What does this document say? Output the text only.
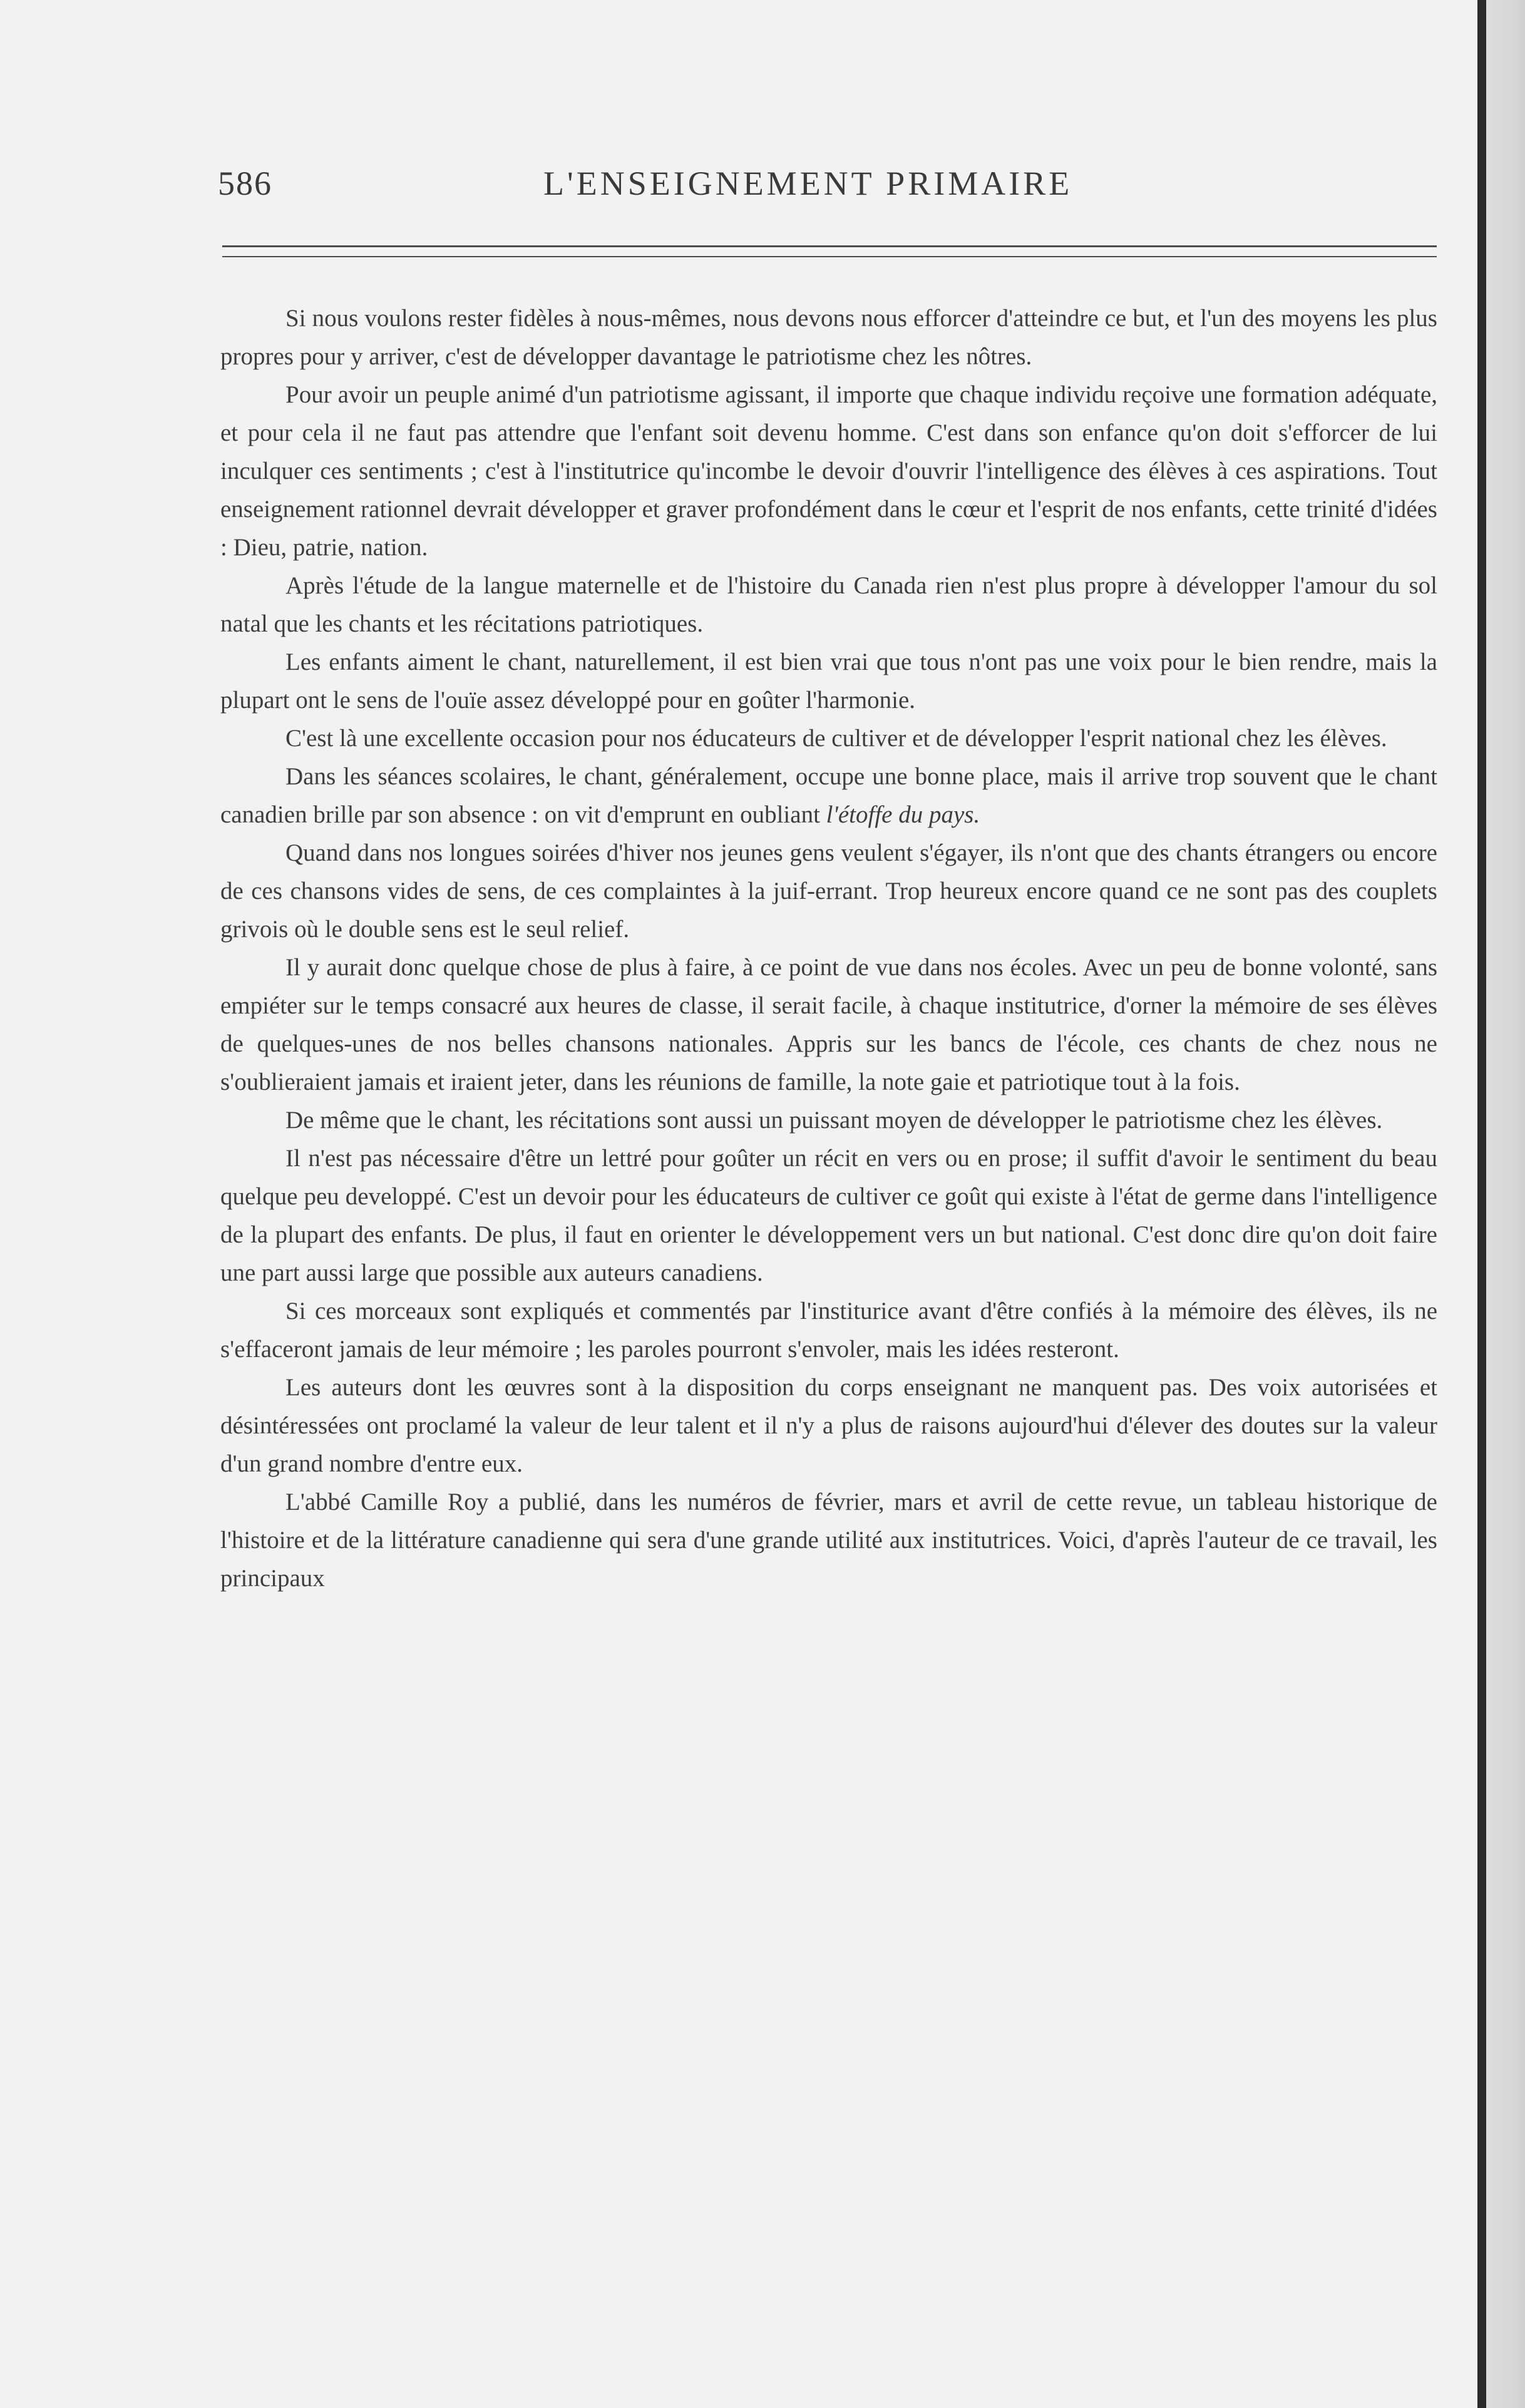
586	L'ENSEIGNEMENT PRIMAIRE

Si nous voulons rester fidèles à nous-mêmes, nous devons nous efforcer d'atteindre ce but, et l'un des moyens les plus propres pour y arriver, c'est de développer davantage le patriotisme chez les nôtres.

Pour avoir un peuple animé d'un patriotisme agissant, il importe que chaque individu reçoive une formation adéquate, et pour cela il ne faut pas attendre que l'enfant soit devenu homme. C'est dans son enfance qu'on doit s'efforcer de lui inculquer ces sentiments ; c'est à l'institutrice qu'incombe le devoir d'ouvrir l'intelligence des élèves à ces aspirations. Tout enseignement rationnel devrait développer et graver profondément dans le cœur et l'esprit de nos enfants, cette trinité d'idées : Dieu, patrie, nation.

Après l'étude de la langue maternelle et de l'histoire du Canada rien n'est plus propre à développer l'amour du sol natal que les chants et les récitations patriotiques.

Les enfants aiment le chant, naturellement, il est bien vrai que tous n'ont pas une voix pour le bien rendre, mais la plupart ont le sens de l'ouïe assez développé pour en goûter l'harmonie.

C'est là une excellente occasion pour nos éducateurs de cultiver et de développer l'esprit national chez les élèves.

Dans les séances scolaires, le chant, généralement, occupe une bonne place, mais il arrive trop souvent que le chant canadien brille par son absence : on vit d'emprunt en oubliant l'étoffe du pays.

Quand dans nos longues soirées d'hiver nos jeunes gens veulent s'égayer, ils n'ont que des chants étrangers ou encore de ces chansons vides de sens, de ces complaintes à la juif-errant. Trop heureux encore quand ce ne sont pas des couplets grivois où le double sens est le seul relief.

Il y aurait donc quelque chose de plus à faire, à ce point de vue dans nos écoles. Avec un peu de bonne volonté, sans empiéter sur le temps consacré aux heures de classe, il serait facile, à chaque institutrice, d'orner la mémoire de ses élèves de quelques-unes de nos belles chansons nationales. Appris sur les bancs de l'école, ces chants de chez nous ne s'oublieraient jamais et iraient jeter, dans les réunions de famille, la note gaie et patriotique tout à la fois.

De même que le chant, les récitations sont aussi un puissant moyen de développer le patriotisme chez les élèves.

Il n'est pas nécessaire d'être un lettré pour goûter un récit en vers ou en prose; il suffit d'avoir le sentiment du beau quelque peu developpé. C'est un devoir pour les éducateurs de cultiver ce goût qui existe à l'état de germe dans l'intelligence de la plupart des enfants. De plus, il faut en orienter le développement vers un but national. C'est donc dire qu'on doit faire une part aussi large que possible aux auteurs canadiens.

Si ces morceaux sont expliqués et commentés par l'instituricе avant d'être confiés à la mémoire des élèves, ils ne s'effaceront jamais de leur mémoire ; les paroles pourront s'envoler, mais les idées resteront.

Les auteurs dont les œuvres sont à la disposition du corps enseignant ne manquent pas. Des voix autorisées et désintéressées ont proclamé la valeur de leur talent et il n'y a plus de raisons aujourd'hui d'élever des doutes sur la valeur d'un grand nombre d'entre eux.

L'abbé Camille Roy a publié, dans les numéros de février, mars et avril de cette revue, un tableau historique de l'histoire et de la littérature canadienne qui sera d'une grande utilité aux institutrices. Voici, d'après l'auteur de ce travail, les principaux
